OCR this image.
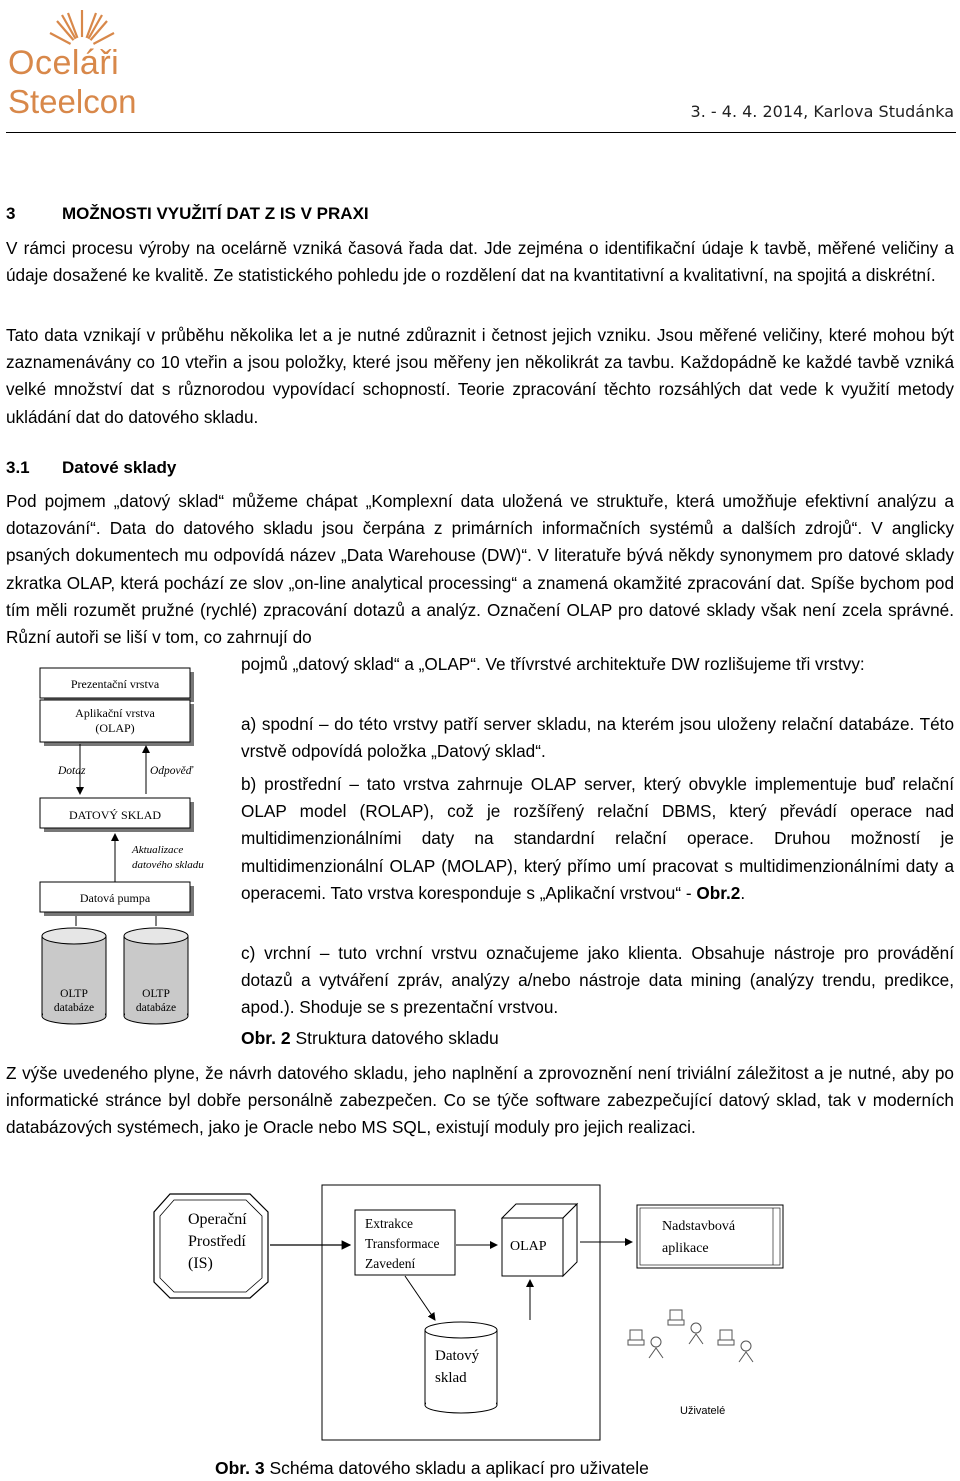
Oceláři
Steelcon	3. - 4. 4. 2014, Karlova Studánka
3	MOŽNOSTI VYUŽITÍ DAT Z IS V PRAXI
V rámci procesu výroby na ocelárně vzniká časová řada dat. Jde zejména o identifikační údaje k tavbě, měřené veličiny a údaje dosažené ke kvalitě. Ze statistického pohledu jde o rozdělení dat na kvantitativní a kvalitativní, na spojitá a diskrétní.
Tato data vznikají v průběhu několika let a je nutné zdůraznit i četnost jejich vzniku. Jsou měřené veličiny, které mohou být zaznamenávány co 10 vteřin a jsou položky, které jsou měřeny jen několikrát za tavbu. Každopádně ke každé tavbě vzniká velké množství dat s různorodou vypovídací schopností. Teorie zpracování těchto rozsáhlých dat vede k využití metody ukládání dat do datového skladu.
3.1 Datové sklady
Pod pojmem „datový sklad“ můžeme chápat „Komplexní data uložená ve struktuře, která umožňuje efektivní analýzu a dotazování“. Data do datového skladu jsou čerpána z primárních informačních systémů a dalších zdrojů“. V anglicky psaných dokumentech mu odpovídá název „Data Warehouse (DW)“. V literatuře bývá někdy synonymem pro datové sklady zkratka OLAP, která pochází ze slov „on-line analytical processing“ a znamená okamžité zpracování dat. Spíše bychom pod tím měli rozumět pružné (rychlé) zpracování dotazů a analýz. Označení OLAP pro datové sklady však není zcela správné. Různí autoři se liší v tom, co zahrnují do
pojmů „datový sklad“ a „OLAP“. Ve třívrstvé architektuře DW rozlišujeme tři vrstvy:
a) spodní – do této vrstvy patří server skladu, na kterém jsou uloženy relační databáze. Této vrstvě odpovídá položka „Datový sklad“.
b) prostřední – tato vrstva zahrnuje OLAP server, který obvykle implementuje buď relační OLAP model (ROLAP), což je rozšířený relační DBMS, který převádí operace nad multidimenzionálními daty na standardní relační operace. Druhou možností je multidimenzionální OLAP (MOLAP), který přímo umí pracovat s multidimenzionálními daty a operacemi. Tato vrstva koresponduje s „Aplikační vrstvou“ - Obr.2.
c) vrchní – tuto vrchní vrstvu označujeme jako klienta. Obsahuje nástroje pro provádění dotazů a vytváření zpráv, analýzy a/nebo nástroje data mining (analýzy trendu, predikce, apod.). Shoduje se s prezentační vrstvou.
Obr. 2 Struktura datového skladu
Prezentační vrstva
Aplikační vrstva
(OLAP)
Dotaz	Odpověď
DATOVÝ SKLAD
Aktualizace
datového skladu
Datová pumpa
OLTP
databáze
OLTP
databáze
Z výše uvedeného plyne, že návrh datového skladu, jeho naplnění a zprovoznění není triviální záležitost a je nutné, aby po informatické stránce byl dobře personálně zabezpečen. Co se týče software zabezpečující datový sklad, tak v moderních databázových systémech, jako je Oracle nebo MS SQL, existují moduly pro jejich realizaci.
Operační
Prostředí
(IS)
Extrakce
Transformace
Zavedení
OLAP
Nadstavbová
aplikace
Datový
sklad
Uživatelé
Obr. 3 Schéma datového skladu a aplikací pro uživatele
